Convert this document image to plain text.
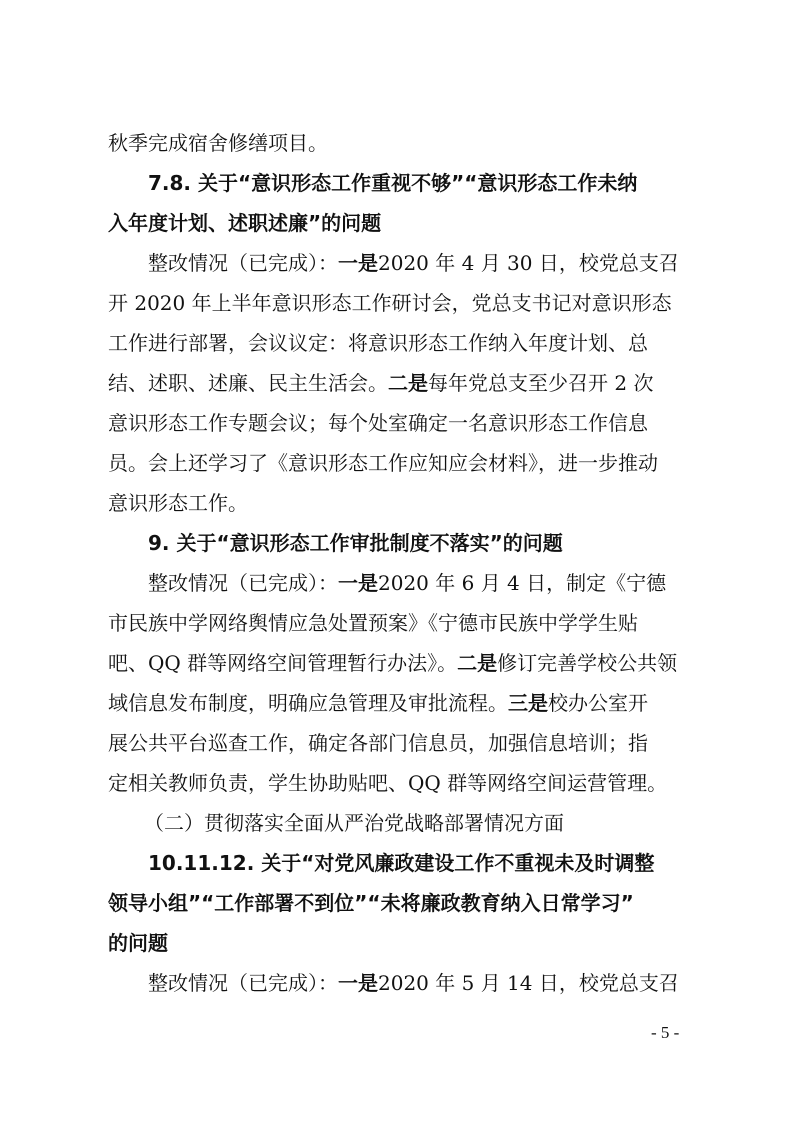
秋季完成宿舍修缮项目。
7.8. 关于“意识形态工作重视不够”“意识形态工作未纳
入年度计划、述职述廉”的问题
整改情况（已完成）：一是2020 年 4 月 30 日，校党总支召
开 2020 年上半年意识形态工作研讨会，党总支书记对意识形态
工作进行部署，会议议定：将意识形态工作纳入年度计划、总
结、述职、述廉、民主生活会。二是每年党总支至少召开 2 次
意识形态工作专题会议；每个处室确定一名意识形态工作信息
员。会上还学习了《意识形态工作应知应会材料》，进一步推动
意识形态工作。
9. 关于“意识形态工作审批制度不落实”的问题
整改情况（已完成）：一是2020 年 6 月 4 日，制定《宁德
市民族中学网络舆情应急处置预案》《宁德市民族中学学生贴
吧、QQ 群等网络空间管理暂行办法》。二是修订完善学校公共领
域信息发布制度，明确应急管理及审批流程。三是校办公室开
展公共平台巡查工作，确定各部门信息员，加强信息培训；指
定相关教师负责，学生协助贴吧、QQ 群等网络空间运营管理。
（二）贯彻落实全面从严治党战略部署情况方面
10.11.12. 关于“对党风廉政建设工作不重视未及时调整
领导小组”“工作部署不到位”“未将廉政教育纳入日常学习”
的问题
整改情况（已完成）：一是2020 年 5 月 14 日，校党总支召
- 5 -
